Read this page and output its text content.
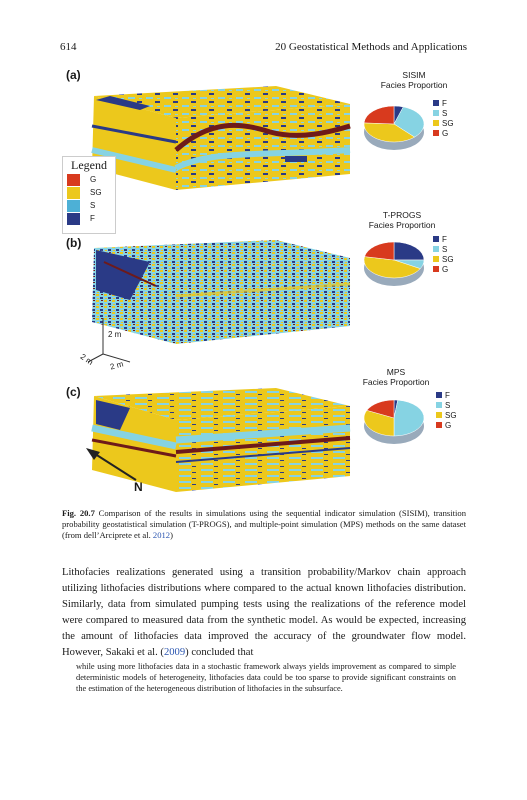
614	20 Geostatistical Methods and Applications
(a)
(b)
(c)
2 m
2 m 2 m
N
Legend
G
SG
S
F
SISIM
Facies Proportion
F
S
SG
G
T-PROGS
Facies Proportion
F
S
SG
G
MPS
Facies Proportion
F
S
SG
G
Fig. 20.7 Comparison of the results in simulations using the sequential indicator simulation (SISIM), transition probability geostatistical simulation (T-PROGS), and multiple-point simulation (MPS) methods on the same dataset (from dell’Arciprete et al. 2012)
Lithofacies realizations generated using a transition probability/Markov chain approach utilizing lithofacies distributions where compared to the actual known lithofacies distribution. Similarly, data from simulated pumping tests using the realizations of the reference model were compared to measured data from the synthetic model. As would be expected, increasing the amount of lithofacies data improved the accuracy of the groundwater flow model. However, Sakaki et al. (2009) concluded that
while using more lithofacies data in a stochastic framework always yields improvement as compared to simple deterministic models of heterogeneity, lithofacies data could be too sparse to provide significant constraints on the estimation of the heterogeneous distribution of lithofacies in the subsurface.
